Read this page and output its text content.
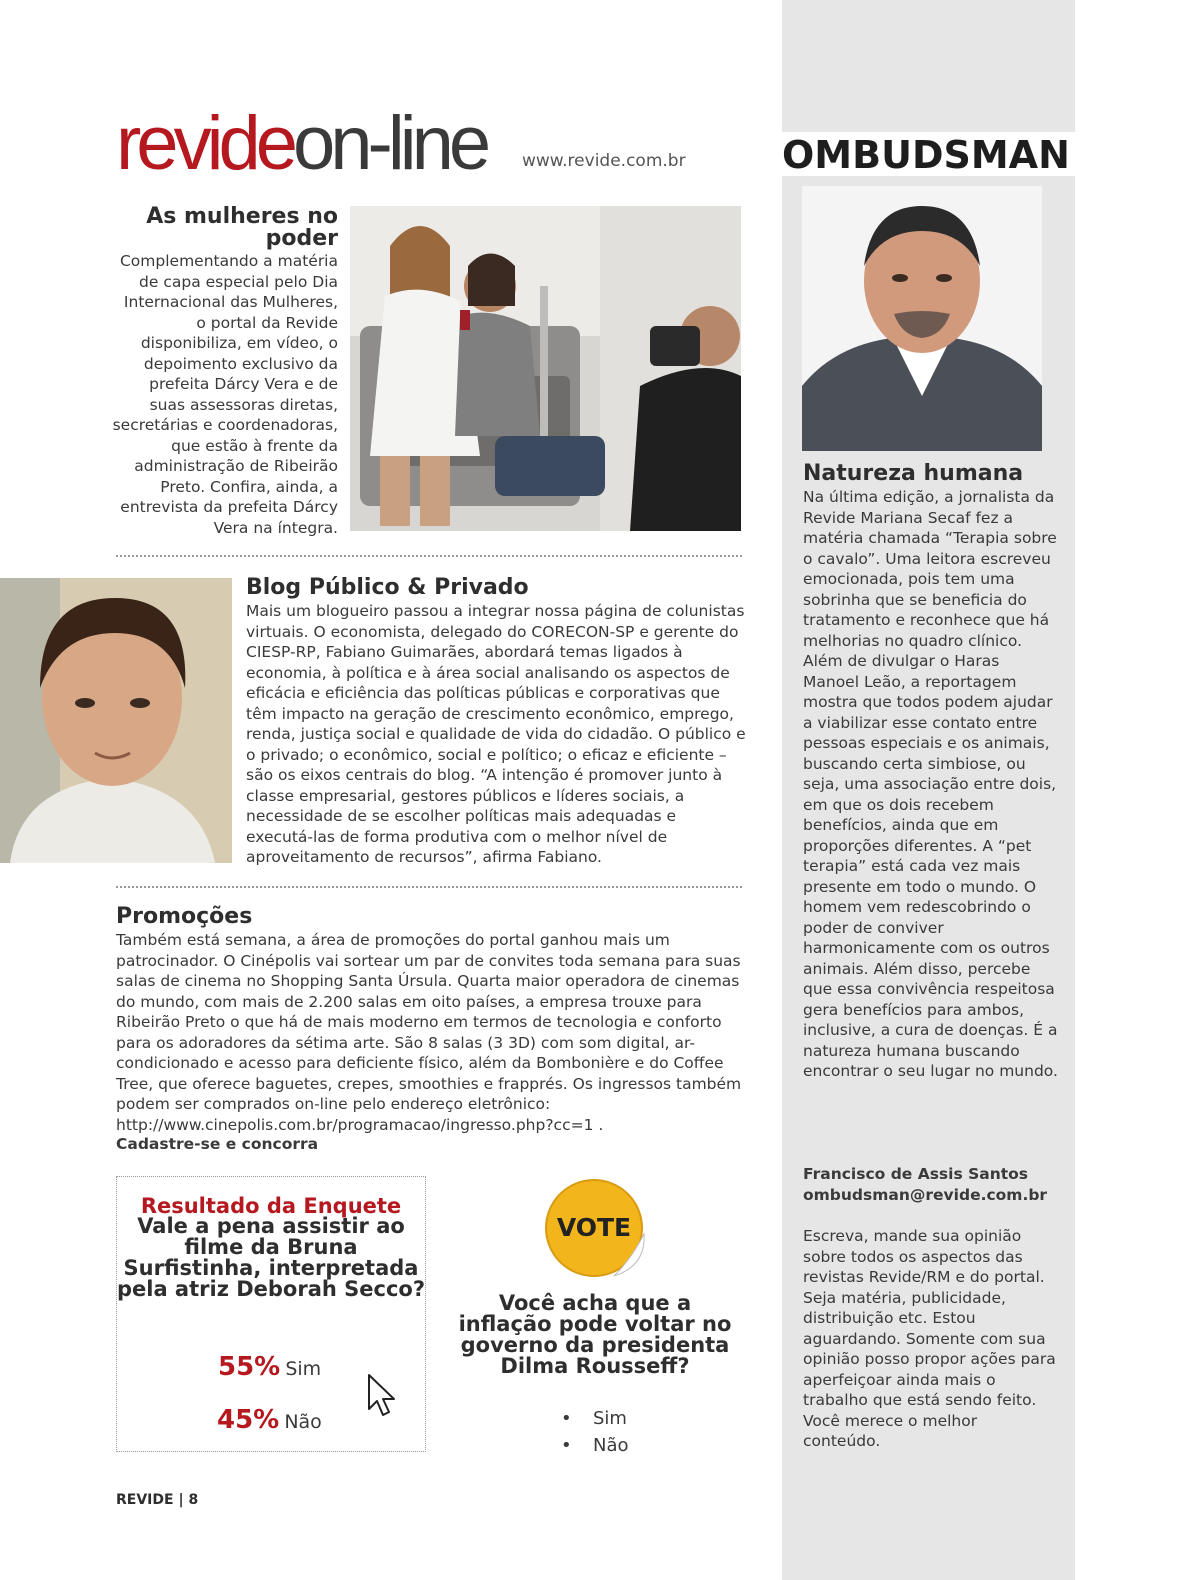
OMBUDSMAN
revideon-line www.revide.com.br
As mulheres no poder
Complementando a matéria de capa especial pelo Dia Internacional das Mulheres, o portal da Revide disponibiliza, em vídeo, o depoimento exclusivo da prefeita Dárcy Vera e de suas assessoras diretas, secretárias e coordenadoras, que estão à frente da administração de Ribeirão Preto. Confira, ainda, a entrevista da prefeita Dárcy Vera na íntegra.
Blog Público & Privado
Mais um blogueiro passou a integrar nossa página de colunistas virtuais. O economista, delegado do CORECON-SP e gerente do CIESP-RP, Fabiano Guimarães, abordará temas ligados à economia, à política e à área social analisando os aspectos de eficácia e eficiência das políticas públicas e corporativas que têm impacto na geração de crescimento econômico, emprego, renda, justiça social e qualidade de vida do cidadão. O público e o privado; o econômico, social e político; o eficaz e eficiente – são os eixos centrais do blog. “A intenção é promover junto à classe empresarial, gestores públicos e líderes sociais, a necessidade de se escolher políticas mais adequadas e executá-las de forma produtiva com o melhor nível de aproveitamento de recursos”, afirma Fabiano.
Promoções
Também está semana, a área de promoções do portal ganhou mais um patrocinador. O Cinépolis vai sortear um par de convites toda semana para suas salas de cinema no Shopping Santa Úrsula. Quarta maior operadora de cinemas do mundo, com mais de 2.200 salas em oito países, a empresa trouxe para Ribeirão Preto o que há de mais moderno em termos de tecnologia e conforto para os adoradores da sétima arte. São 8 salas (3 3D) com som digital, ar-condicionado e acesso para deficiente físico, além da Bombonière e do Coffee Tree, que oferece baguetes, crepes, smoothies e frapprés. Os ingressos também podem ser comprados on-line pelo endereço eletrônico: http://www.cinepolis.com.br/programacao/ingresso.php?cc=1 .
Cadastre-se e concorra
Resultado da Enquete
Vale a pena assistir ao filme da Bruna Surfistinha, interpretada pela atriz Deborah Secco?
55% Sim
45% Não
VOTE
Você acha que a inflação pode voltar no governo da presidenta Dilma Rousseff?
• Sim
• Não
REVIDE | 8
Natureza humana
Na última edição, a jornalista da Revide Mariana Secaf fez a matéria chamada “Terapia sobre o cavalo”. Uma leitora escreveu emocionada, pois tem uma sobrinha que se beneficia do tratamento e reconhece que há melhorias no quadro clínico. Além de divulgar o Haras Manoel Leão, a reportagem mostra que todos podem ajudar a viabilizar esse contato entre pessoas especiais e os animais, buscando certa simbiose, ou seja, uma associação entre dois, em que os dois recebem benefícios, ainda que em proporções diferentes. A “pet terapia” está cada vez mais presente em todo o mundo. O homem vem redescobrindo o poder de conviver harmonicamente com os outros animais. Além disso, percebe que essa convivência respeitosa gera benefícios para ambos, inclusive, a cura de doenças. É a natureza humana buscando encontrar o seu lugar no mundo.
Francisco de Assis Santos
ombudsman@revide.com.br
Escreva, mande sua opinião sobre todos os aspectos das revistas Revide/RM e do portal. Seja matéria, publicidade, distribuição etc. Estou aguardando. Somente com sua opinião posso propor ações para aperfeiçoar ainda mais o trabalho que está sendo feito. Você merece o melhor conteúdo.
